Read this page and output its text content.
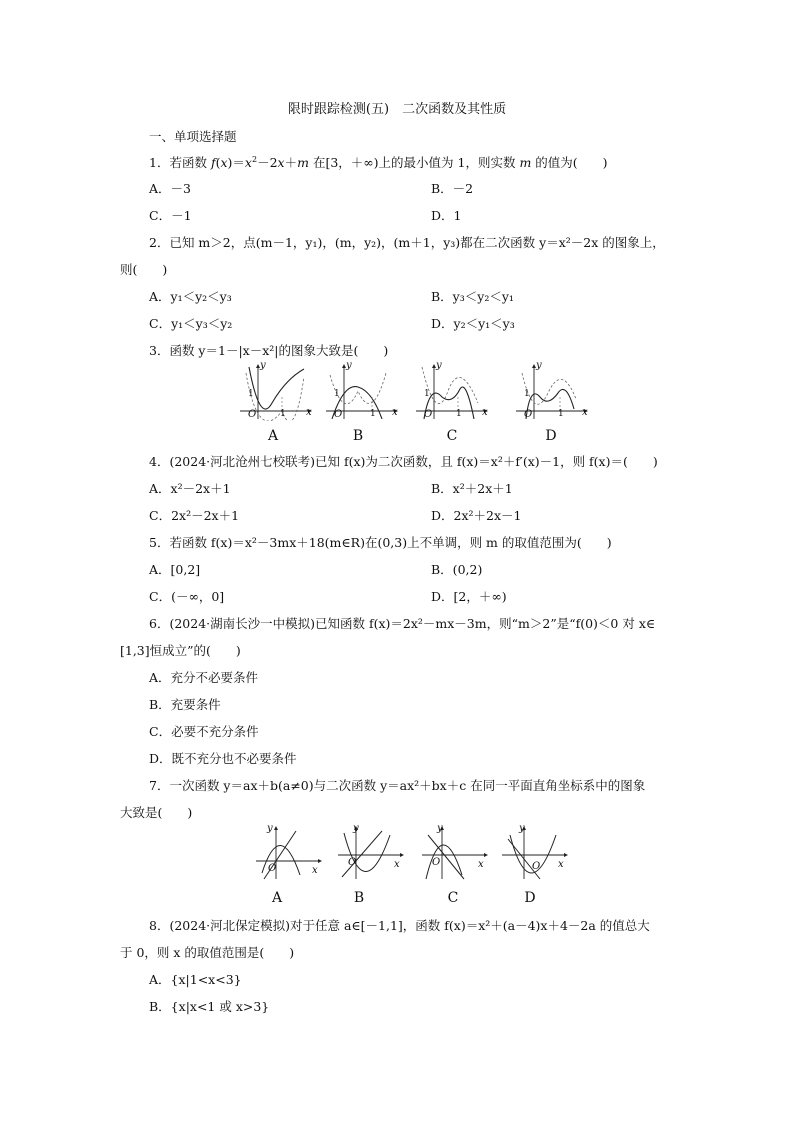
限时跟踪检测(五)　二次函数及其性质
一、单项选择题
1．若函数 $f(x)=x^2-2x+m$ 在[3，＋∞)上的最小值为 1，则实数 m 的值为(　　)
A．－3	B．－2
C．－1	D．1
2．已知 m＞2，点(m－1，y₁)，(m，y₂)，(m＋1，y₃)都在二次函数 y＝x²－2x 的图象上，
则(　　)
A．y₁＜y₂＜y₃	B．y₃＜y₂＜y₁
C．y₁＜y₃＜y₂	D．y₂＜y₁＜y₃
3．函数 y＝1－|x－x²|的图象大致是(　　)
y
x
O	1
1
A
y
x
O	1
1
B
y
x
O	1
1
C
y
x
O	1
1
D
4．(2024·河北沧州七校联考)已知 f(x)为二次函数，且 f(x)＝x²＋f′(x)－1，则 f(x)＝(　　)
A．x²－2x＋1	B．x²＋2x＋1
C．2x²－2x＋1	D．2x²＋2x－1
5．若函数 f(x)＝x²－3mx＋18(m∈R)在(0,3)上不单调，则 m 的取值范围为(　　)
A．[0,2]	B．(0,2)
C．(－∞，0]	D．[2，＋∞)
6．(2024·湖南长沙一中模拟)已知函数 f(x)＝2x²－mx－3m，则“m＞2”是“f(0)＜0 对 x∈
[1,3]恒成立”的(　　)
A．充分不必要条件
B．充要条件
C．必要不充分条件
D．既不充分也不必要条件
7．一次函数 y＝ax＋b(a≠0)与二次函数 y＝ax²＋bx＋c 在同一平面直角坐标系中的图象
大致是(　　)
y
x
O
A
y
x
O
B
y
x
O
C
y
x
O
D
8．(2024·河北保定模拟)对于任意 a∈[－1,1]，函数 f(x)＝x²＋(a－4)x＋4－2a 的值总大
于 0，则 x 的取值范围是(　　)
A．{x|1<x<3}
B．{x|x<1 或 x>3}
